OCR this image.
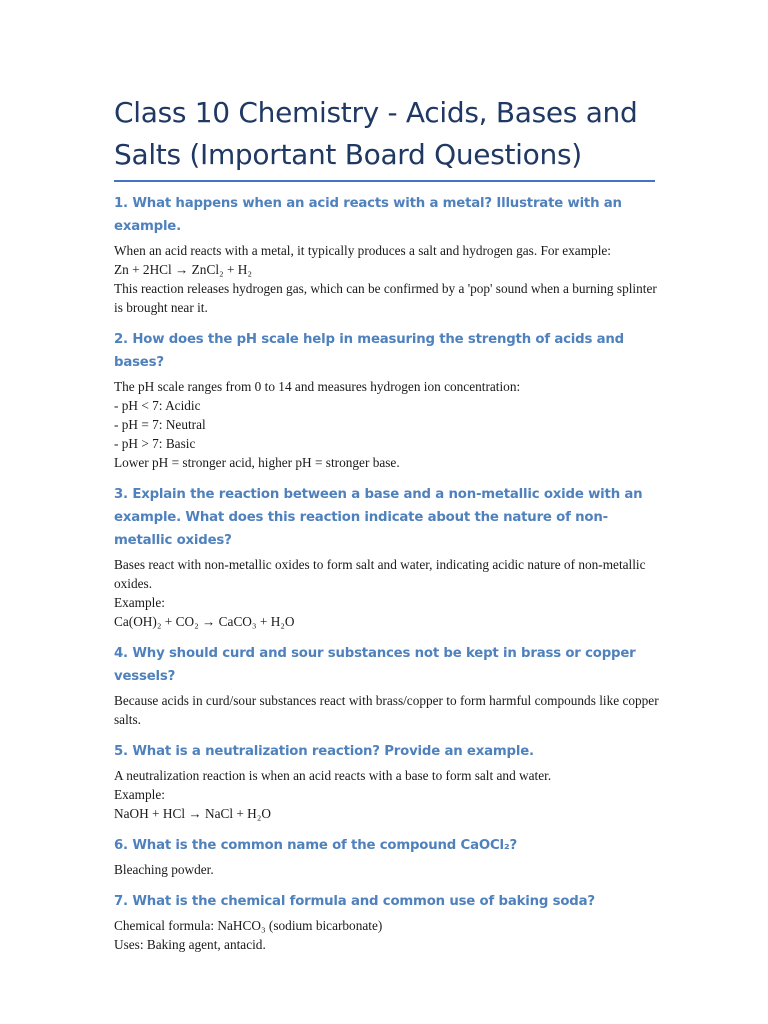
Class 10 Chemistry - Acids, Bases and Salts (Important Board Questions)
1. What happens when an acid reacts with a metal? Illustrate with an example.

When an acid reacts with a metal, it typically produces a salt and hydrogen gas. For example:

Zn + 2HCl → ZnCl₂ + H₂

This reaction releases hydrogen gas, which can be confirmed by a 'pop' sound when a burning splinter is brought near it.

2. How does the pH scale help in measuring the strength of acids and bases?

The pH scale ranges from 0 to 14 and measures hydrogen ion concentration:

- pH < 7: Acidic

- pH = 7: Neutral

- pH > 7: Basic

Lower pH = stronger acid, higher pH = stronger base.

3. Explain the reaction between a base and a non-metallic oxide with an example. What does this reaction indicate about the nature of non-metallic oxides?

Bases react with non-metallic oxides to form salt and water, indicating acidic nature of non-metallic oxides.

Example:

Ca(OH)₂ + CO₂ → CaCO₃ + H₂O

4. Why should curd and sour substances not be kept in brass or copper vessels?

Because acids in curd/sour substances react with brass/copper to form harmful compounds like copper salts.

5. What is a neutralization reaction? Provide an example.

A neutralization reaction is when an acid reacts with a base to form salt and water.

Example:

NaOH + HCl → NaCl + H₂O

6. What is the common name of the compound CaOCl₂?

Bleaching powder.

7. What is the chemical formula and common use of baking soda?

Chemical formula: NaHCO₃ (sodium bicarbonate)

Uses: Baking agent, antacid.
